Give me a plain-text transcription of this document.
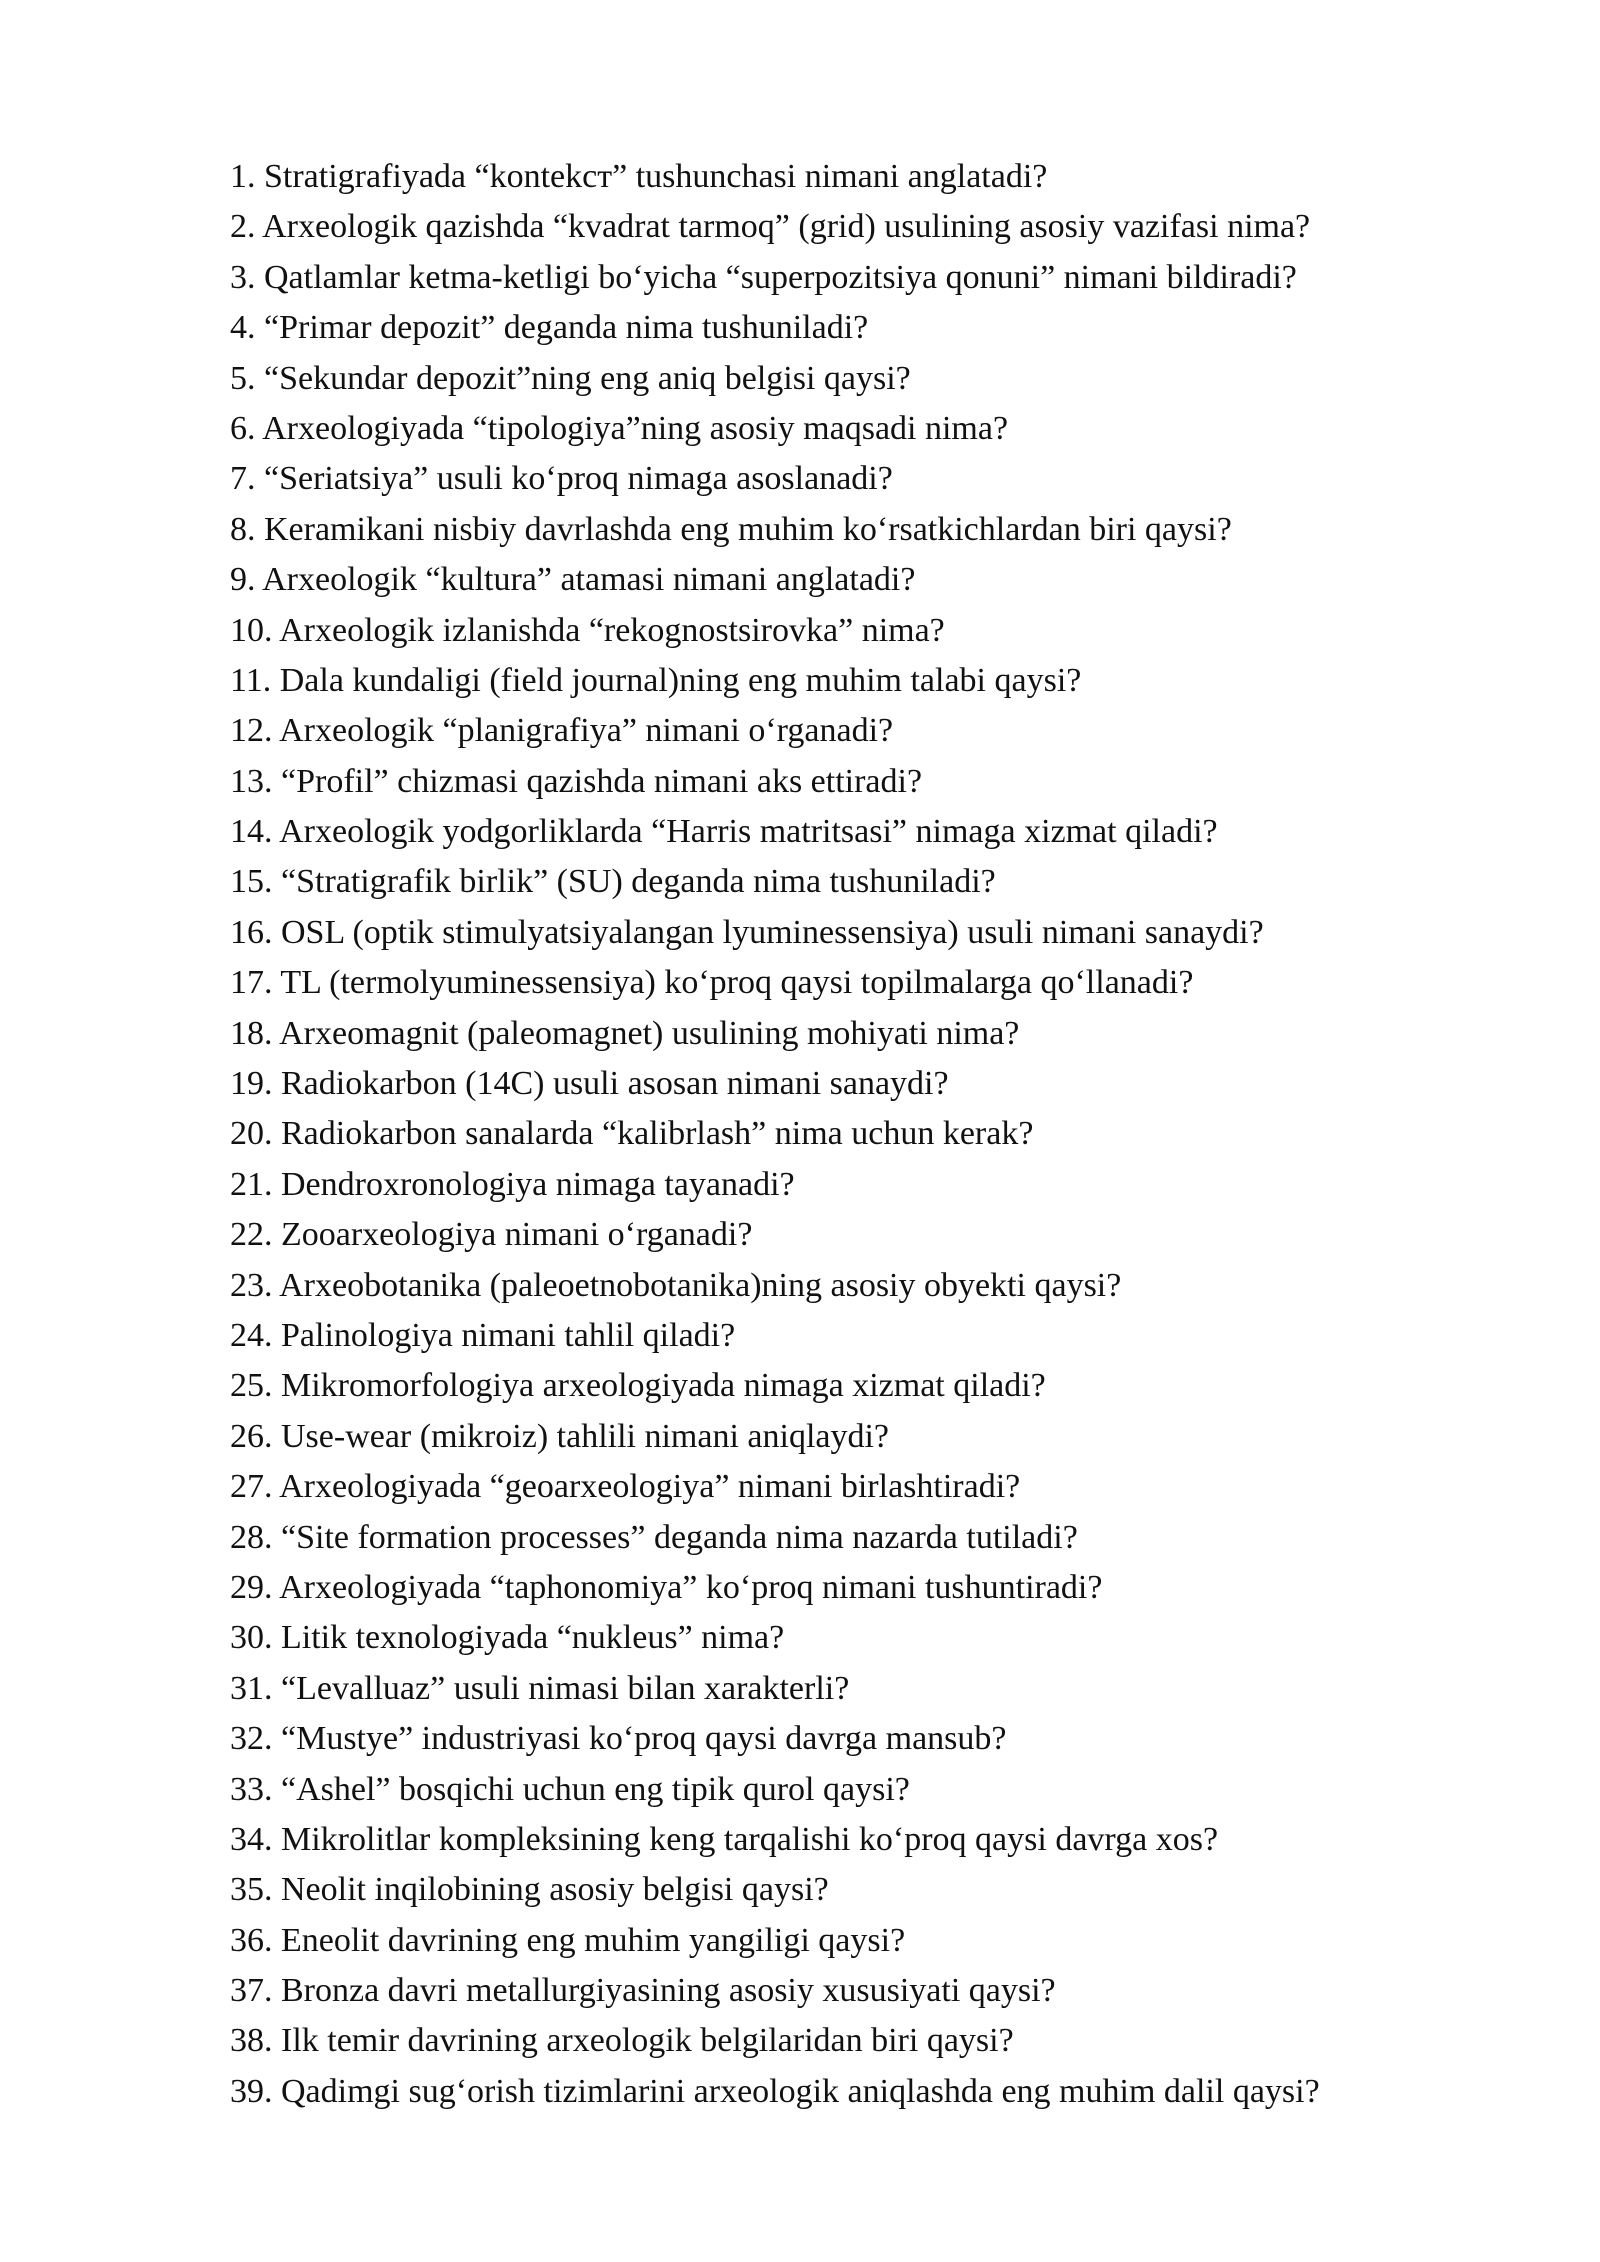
1. Stratigrafiyada “kontekст” tushunchasi nimani anglatadi?
2. Arxeologik qazishda “kvadrat tarmoq” (grid) usulining asosiy vazifasi nima?
3. Qatlamlar ketma-ketligi bo‘yicha “superpozitsiya qonuni” nimani bildiradi?
4. “Primar depozit” deganda nima tushuniladi?
5. “Sekundar depozit”ning eng aniq belgisi qaysi?
6. Arxeologiyada “tipologiya”ning asosiy maqsadi nima?
7. “Seriatsiya” usuli ko‘proq nimaga asoslanadi?
8. Keramikani nisbiy davrlashda eng muhim ko‘rsatkichlardan biri qaysi?
9. Arxeologik “kultura” atamasi nimani anglatadi?
10. Arxeologik izlanishda “rekognostsirovka” nima?
11. Dala kundaligi (field journal)ning eng muhim talabi qaysi?
12. Arxeologik “planigrafiya” nimani o‘rganadi?
13. “Profil” chizmasi qazishda nimani aks ettiradi?
14. Arxeologik yodgorliklarda “Harris matritsasi” nimaga xizmat qiladi?
15. “Stratigrafik birlik” (SU) deganda nima tushuniladi?
16. OSL (optik stimulyatsiyalangan lyuminessensiya) usuli nimani sanaydi?
17. TL (termolyuminessensiya) ko‘proq qaysi topilmalarga qo‘llanadi?
18. Arxeomagnit (paleomagnet) usulining mohiyati nima?
19. Radiokarbon (14C) usuli asosan nimani sanaydi?
20. Radiokarbon sanalarda “kalibrlash” nima uchun kerak?
21. Dendroxronologiya nimaga tayanadi?
22. Zooarxeologiya nimani o‘rganadi?
23. Arxeobotanika (paleoetnobotanika)ning asosiy obyekti qaysi?
24. Palinologiya nimani tahlil qiladi?
25. Mikromorfologiya arxeologiyada nimaga xizmat qiladi?
26. Use-wear (mikroiz) tahlili nimani aniqlaydi?
27. Arxeologiyada “geoarxeologiya” nimani birlashtiradi?
28. “Site formation processes” deganda nima nazarda tutiladi?
29. Arxeologiyada “taphonomiya” ko‘proq nimani tushuntiradi?
30. Litik texnologiyada “nukleus” nima?
31. “Levalluaz” usuli nimasi bilan xarakterli?
32. “Mustye” industriyasi ko‘proq qaysi davrga mansub?
33. “Ashel” bosqichi uchun eng tipik qurol qaysi?
34. Mikrolitlar kompleksining keng tarqalishi ko‘proq qaysi davrga xos?
35. Neolit inqilobining asosiy belgisi qaysi?
36. Eneolit davrining eng muhim yangiligi qaysi?
37. Bronza davri metallurgiyasining asosiy xususiyati qaysi?
38. Ilk temir davrining arxeologik belgilaridan biri qaysi?
39. Qadimgi sug‘orish tizimlarini arxeologik aniqlashda eng muhim dalil qaysi?
